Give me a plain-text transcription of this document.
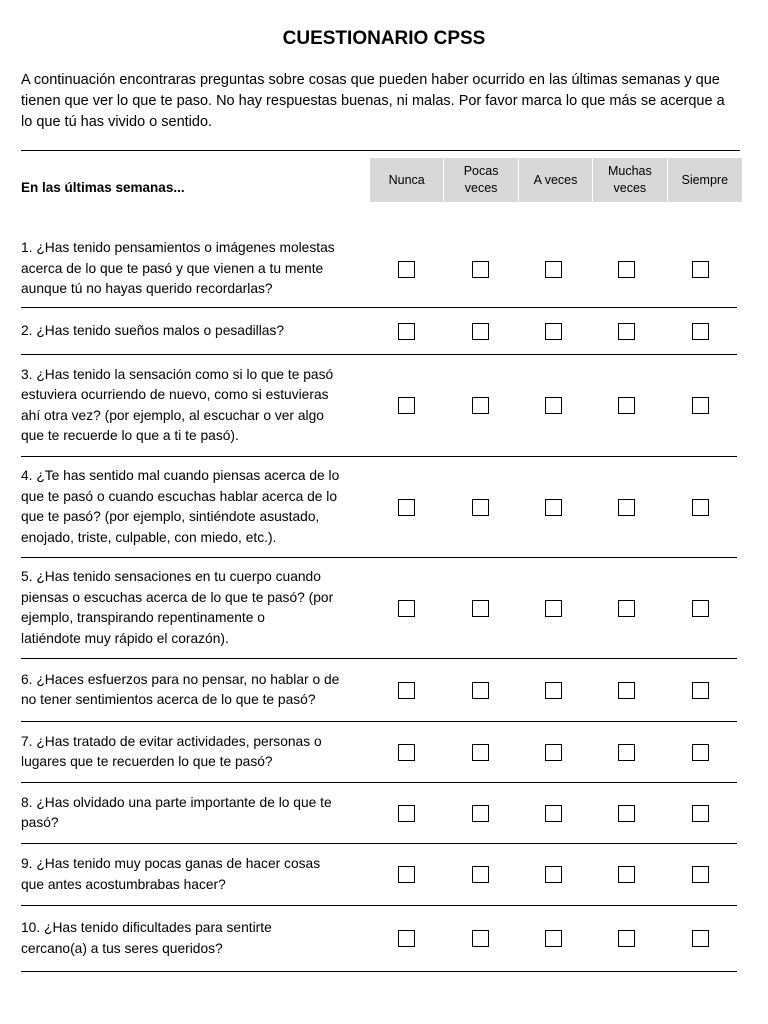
CUESTIONARIO CPSS
A continuación encontraras preguntas sobre cosas que pueden haber ocurrido en las últimas semanas y que tienen que ver lo que te paso. No hay respuestas buenas, ni malas. Por favor marca lo que más se acerque a lo que tú has vivido o sentido.
En las últimas semanas...
Nunca
Pocas veces
A veces
Muchas veces
Siempre
1. ¿Has tenido pensamientos o imágenes molestas
acerca de lo que te pasó y que vienen a tu mente
aunque tú no hayas querido recordarlas?
2. ¿Has tenido sueños malos o pesadillas?
3. ¿Has tenido la sensación como si lo que te pasó
estuviera ocurriendo de nuevo, como si estuvieras
ahí otra vez? (por ejemplo, al escuchar o ver algo
que te recuerde lo que a ti te pasó).
4. ¿Te has sentido mal cuando piensas acerca de lo
que te pasó o cuando escuchas hablar acerca de lo
que te pasó? (por ejemplo, sintiéndote asustado,
enojado, triste, culpable, con miedo, etc.).
5. ¿Has tenido sensaciones en tu cuerpo cuando
piensas o escuchas acerca de lo que te pasó? (por
ejemplo, transpirando repentinamente o
latiéndote muy rápido el corazón).
6. ¿Haces esfuerzos para no pensar, no hablar o de
no tener sentimientos acerca de lo que te pasó?
7. ¿Has tratado de evitar actividades, personas o
lugares que te recuerden lo que te pasó?
8. ¿Has olvidado una parte importante de lo que te
pasó?
9. ¿Has tenido muy pocas ganas de hacer cosas
que antes acostumbrabas hacer?
10. ¿Has tenido dificultades para sentirte
cercano(a) a tus seres queridos?
